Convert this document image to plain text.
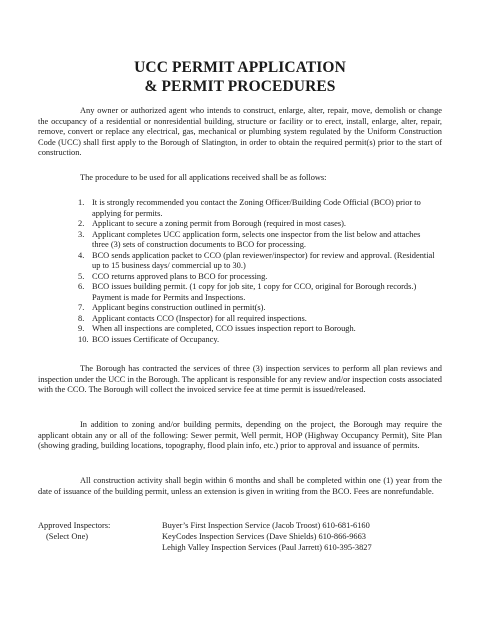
UCC PERMIT APPLICATION
& PERMIT PROCEDURES
Any owner or authorized agent who intends to construct, enlarge, alter, repair, move, demolish or change the occupancy of a residential or nonresidential building, structure or facility or to erect, install, enlarge, alter, repair, remove, convert or replace any electrical, gas, mechanical or plumbing system regulated by the Uniform Construction Code (UCC) shall first apply to the Borough of Slatington, in order to obtain the required permit(s) prior to the start of construction.
The procedure to be used for all applications received shall be as follows:
1. It is strongly recommended you contact the Zoning Officer/Building Code Official (BCO) prior to applying for permits.
2. Applicant to secure a zoning permit from Borough (required in most cases).
3. Applicant completes UCC application form, selects one inspector from the list below and attaches three (3) sets of construction documents to BCO for processing.
4. BCO sends application packet to CCO (plan reviewer/inspector) for review and approval. (Residential up to 15 business days/ commercial up to 30.)
5. CCO returns approved plans to BCO for processing.
6. BCO issues building permit. (1 copy for job site, 1 copy for CCO, original for Borough records.) Payment is made for Permits and Inspections.
7. Applicant begins construction outlined in permit(s).
8. Applicant contacts CCO (Inspector) for all required inspections.
9. When all inspections are completed, CCO issues inspection report to Borough.
10. BCO issues Certificate of Occupancy.
The Borough has contracted the services of three (3) inspection services to perform all plan reviews and inspection under the UCC in the Borough. The applicant is responsible for any review and/or inspection costs associated with the CCO. The Borough will collect the invoiced service fee at time permit is issued/released.
In addition to zoning and/or building permits, depending on the project, the Borough may require the applicant obtain any or all of the following: Sewer permit, Well permit, HOP (Highway Occupancy Permit), Site Plan (showing grading, building locations, topography, flood plain info, etc.) prior to approval and issuance of permits.
All construction activity shall begin within 6 months and shall be completed within one (1) year from the date of issuance of the building permit, unless an extension is given in writing from the BCO. Fees are nonrefundable.
Approved Inspectors:
(Select One)
Buyer’s First Inspection Service (Jacob Troost) 610-681-6160
KeyCodes Inspection Services (Dave Shields) 610-866-9663
Lehigh Valley Inspection Services (Paul Jarrett) 610-395-3827
